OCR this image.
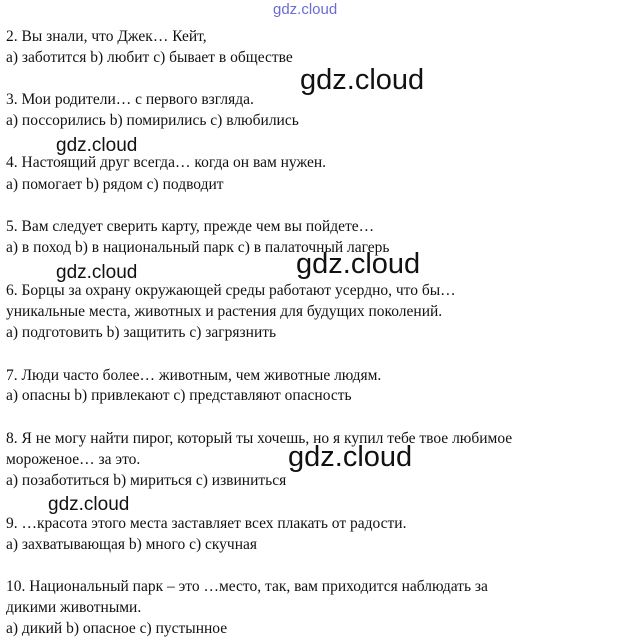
gdz.cloud
2. Вы знали, что Джек… Кейт,
a) заботится b) любит c) бывает в обществе
3. Мои родители… с первого взгляда.
a) поссорились b) помирились c) влюбились
4. Настоящий друг всегда… когда он вам нужен.
a) помогает b) рядом c) подводит
5. Вам следует сверить карту, прежде чем вы пойдете…
a) в поход b) в национальный парк c) в палаточный лагерь
6. Борцы за охрану окружающей среды работают усердно, что бы…
уникальные места, животных и растения для будущих поколений.
a) подготовить b) защитить c) загрязнить
7. Люди часто более… животным, чем животные людям.
a) опасны b) привлекают c) представляют опасность
8. Я не могу найти пирог, который ты хочешь, но я купил тебе твое любимое
мороженое… за это.
a) позаботиться b) мириться c) извиниться
9. …красота этого места заставляет всех плакать от радости.
a) захватывающая b) много c) скучная
10. Национальный парк – это …место, так, вам приходится наблюдать за
дикими животными.
a) дикий b) опасное c) пустынное
gdz.cloud
gdz.cloud
gdz.cloud	gdz.cloud
gdz.cloud
gdz.cloud
